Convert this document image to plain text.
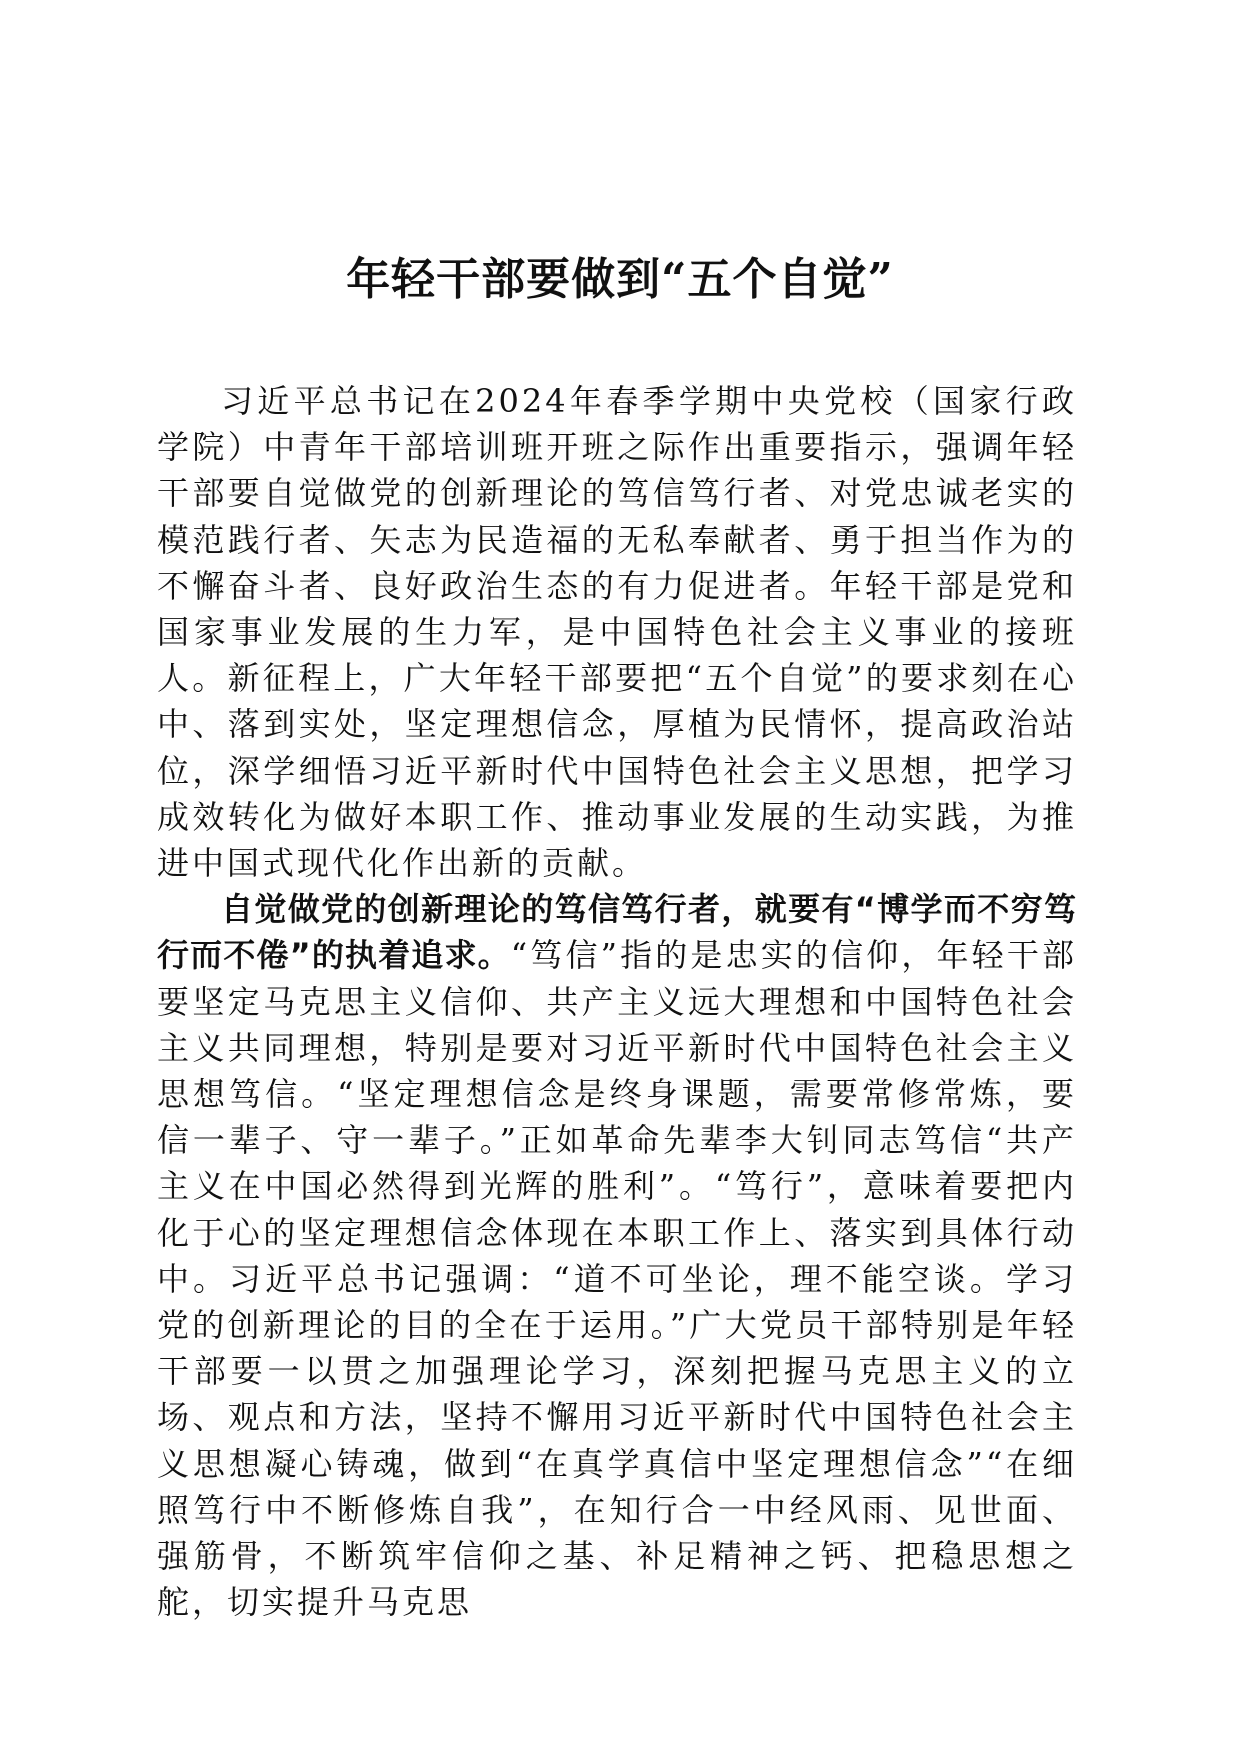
年轻干部要做到“五个自觉”

习近平总书记在2024年春季学期中央党校（国家行政学院）中青年干部培训班开班之际作出重要指示，强调年轻干部要自觉做党的创新理论的笃信笃行者、对党忠诚老实的模范践行者、矢志为民造福的无私奉献者、勇于担当作为的不懈奋斗者、良好政治生态的有力促进者。年轻干部是党和国家事业发展的生力军，是中国特色社会主义事业的接班人。新征程上，广大年轻干部要把“五个自觉”的要求刻在心中、落到实处，坚定理想信念，厚植为民情怀，提高政治站位，深学细悟习近平新时代中国特色社会主义思想，把学习成效转化为做好本职工作、推动事业发展的生动实践，为推进中国式现代化作出新的贡献。

自觉做党的创新理论的笃信笃行者，就要有“博学而不穷笃行而不倦”的执着追求。“笃信”指的是忠实的信仰，年轻干部要坚定马克思主义信仰、共产主义远大理想和中国特色社会主义共同理想，特别是要对习近平新时代中国特色社会主义思想笃信。“坚定理想信念是终身课题，需要常修常炼，要信一辈子、守一辈子。”正如革命先辈李大钊同志笃信“共产主义在中国必然得到光辉的胜利”。“笃行”，意味着要把内化于心的坚定理想信念体现在本职工作上、落实到具体行动中。习近平总书记强调：“道不可坐论，理不能空谈。学习党的创新理论的目的全在于运用。”广大党员干部特别是年轻干部要一以贯之加强理论学习，深刻把握马克思主义的立场、观点和方法，坚持不懈用习近平新时代中国特色社会主义思想凝心铸魂，做到“在真学真信中坚定理想信念”“在细照笃行中不断修炼自我”，在知行合一中经风雨、见世面、强筋骨，不断筑牢信仰之基、补足精神之钙、把稳思想之舵，切实提升马克思
